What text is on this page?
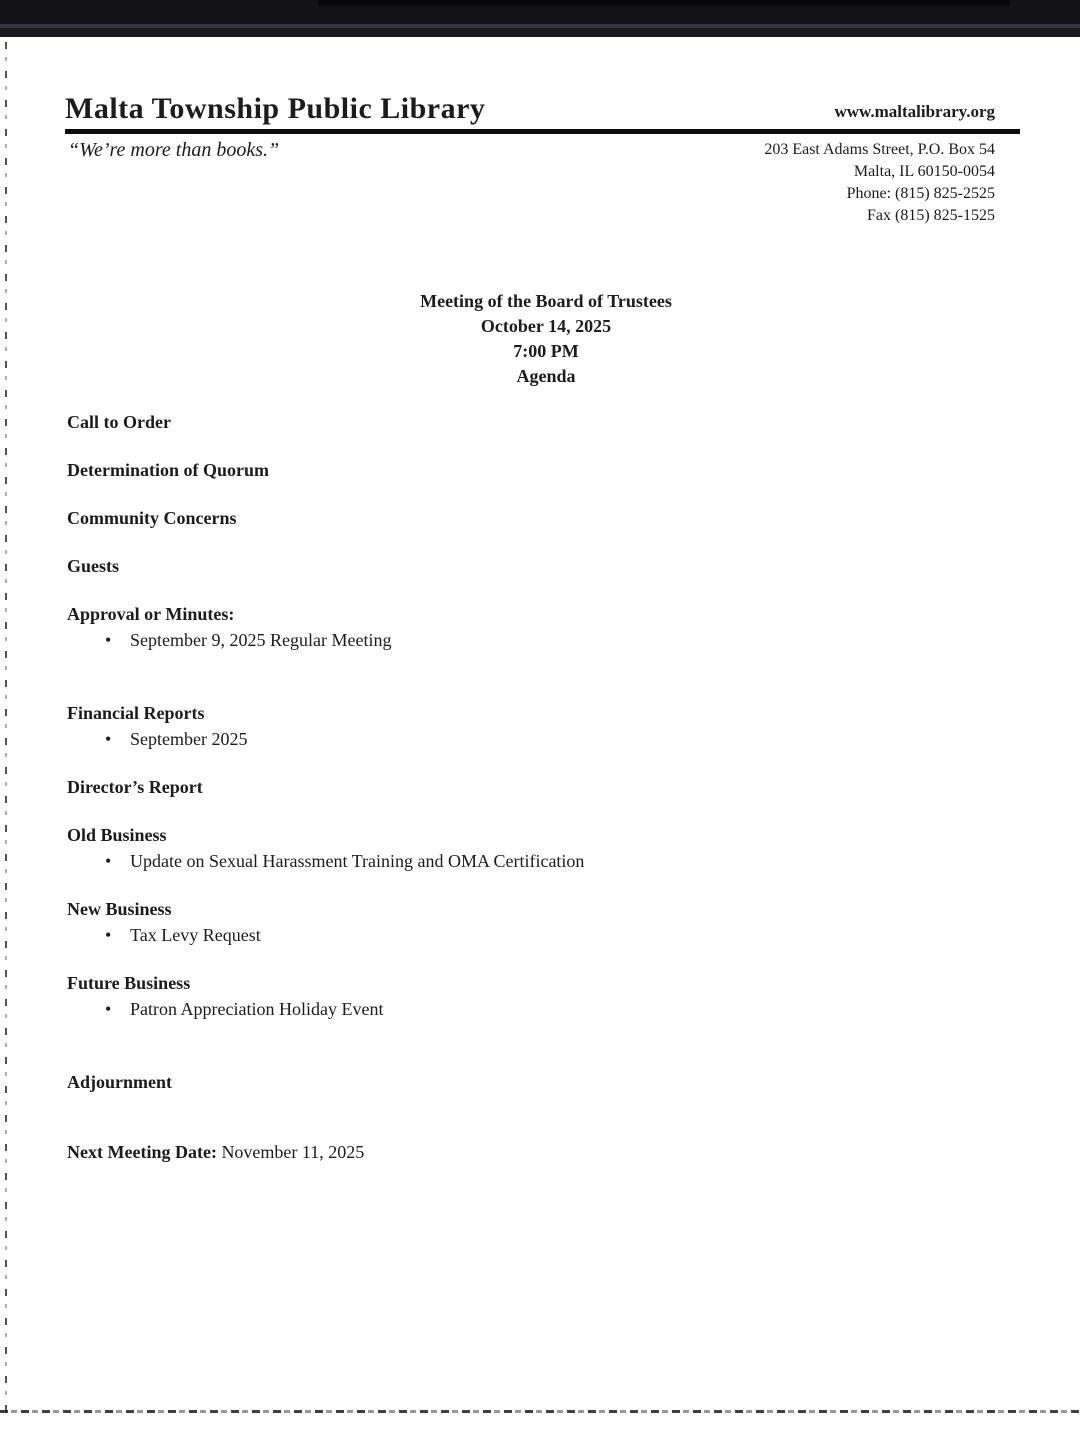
Malta Township Public Library	www.maltalibrary.org
“We’re more than books.”	203 East Adams Street, P.O. Box 54
Malta, IL 60150-0054
Phone: (815) 825-2525
Fax (815) 825-1525
Meeting of the Board of Trustees
October 14, 2025
7:00 PM
Agenda
Call to Order
Determination of Quorum
Community Concerns
Guests
Approval or Minutes:
• September 9, 2025 Regular Meeting
Financial Reports
• September 2025
Director’s Report
Old Business
• Update on Sexual Harassment Training and OMA Certification
New Business
• Tax Levy Request
Future Business
• Patron Appreciation Holiday Event
Adjournment
Next Meeting Date: November 11, 2025
